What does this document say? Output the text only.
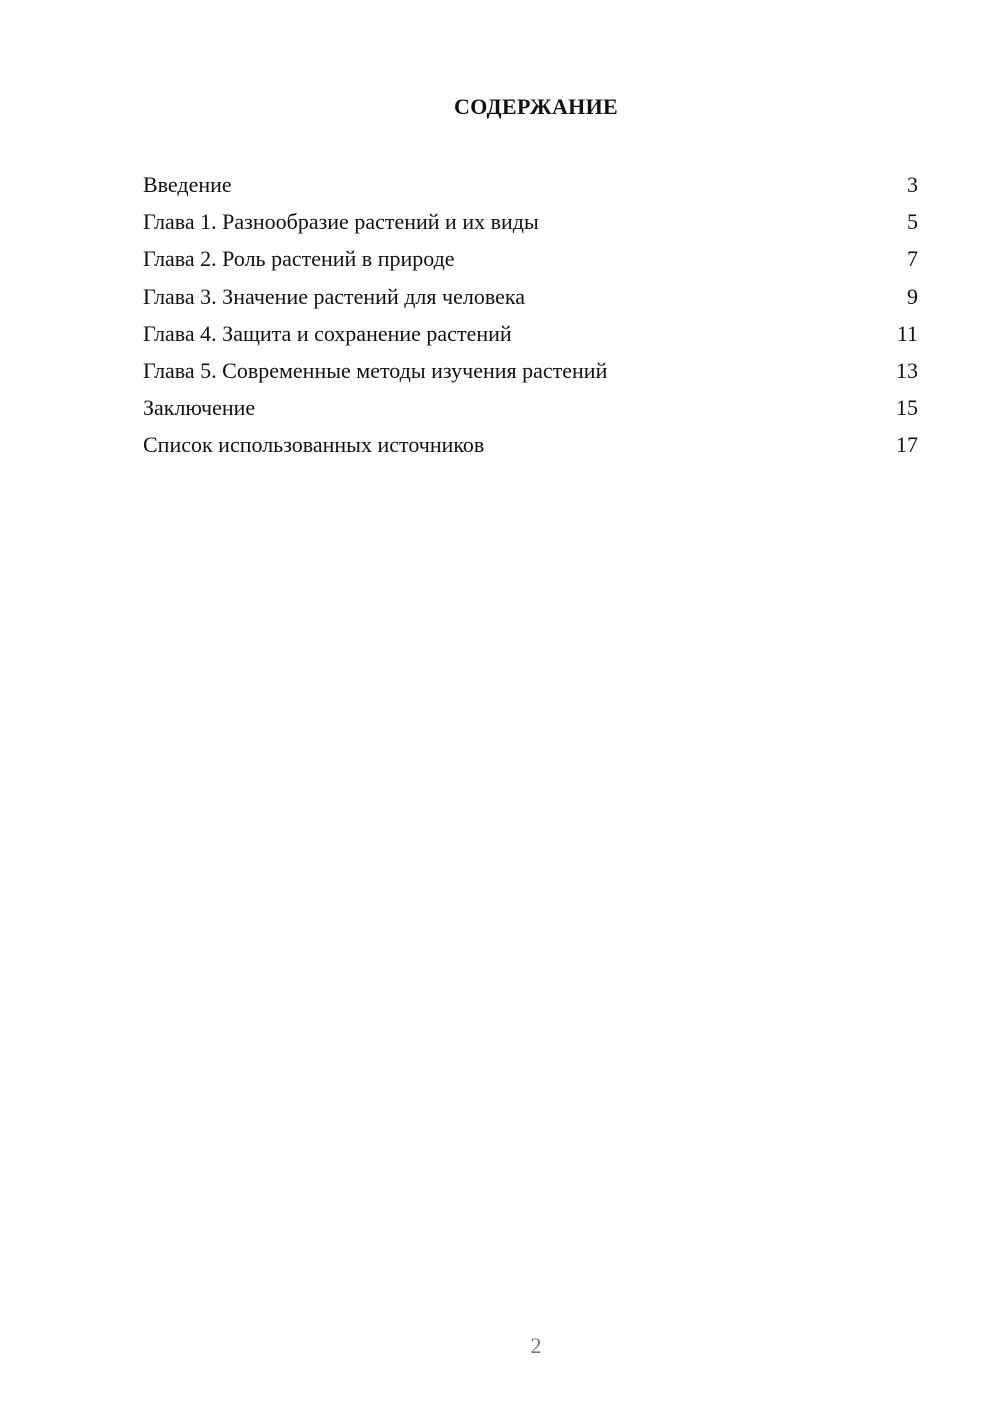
СОДЕРЖАНИЕ
Введение	3
Глава 1. Разнообразие растений и их виды	5
Глава 2. Роль растений в природе	7
Глава 3. Значение растений для человека	9
Глава 4. Защита и сохранение растений	11
Глава 5. Современные методы изучения растений	13
Заключение	15
Список использованных источников	17
2
